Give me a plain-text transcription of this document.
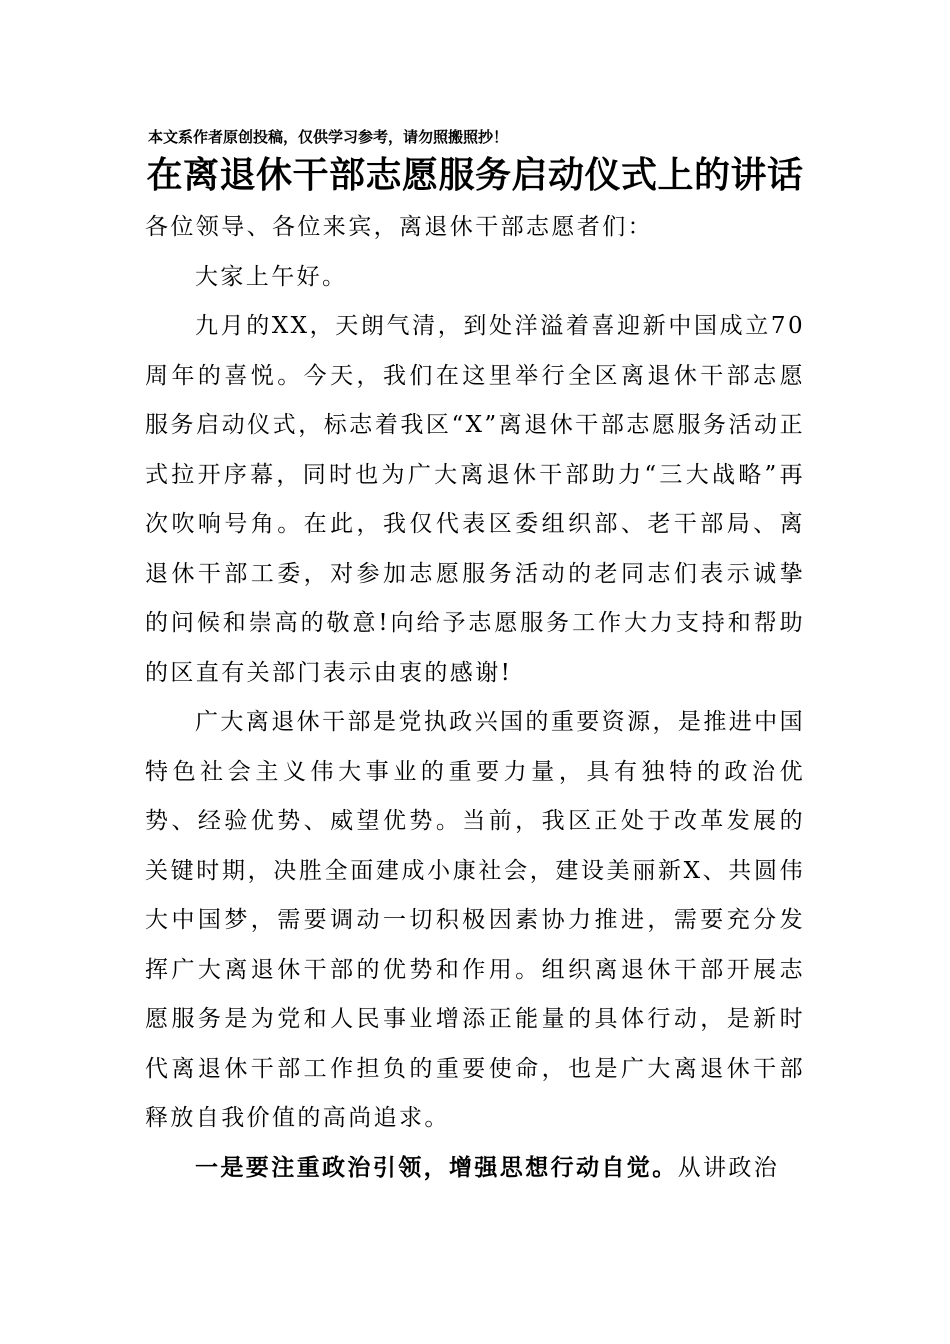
本文系作者原创投稿，仅供学习参考，请勿照搬照抄！
在离退休干部志愿服务启动仪式上的讲话

各位领导、各位来宾，离退休干部志愿者们：

大家上午好。

九月的XX，天朗气清，到处洋溢着喜迎新中国成立70周年的喜悦。今天，我们在这里举行全区离退休干部志愿服务启动仪式，标志着我区“X”离退休干部志愿服务活动正式拉开序幕，同时也为广大离退休干部助力“三大战略”再次吹响号角。在此，我仅代表区委组织部、老干部局、离退休干部工委，对参加志愿服务活动的老同志们表示诚挚的问候和崇高的敬意!向给予志愿服务工作大力支持和帮助的区直有关部门表示由衷的感谢!

广大离退休干部是党执政兴国的重要资源，是推进中国特色社会主义伟大事业的重要力量，具有独特的政治优势、经验优势、威望优势。当前，我区正处于改革发展的关键时期，决胜全面建成小康社会，建设美丽新X、共圆伟大中国梦，需要调动一切积极因素协力推进，需要充分发挥广大离退休干部的优势和作用。组织离退休干部开展志愿服务是为党和人民事业增添正能量的具体行动，是新时代离退休干部工作担负的重要使命，也是广大离退休干部释放自我价值的高尚追求。

一是要注重政治引领，增强思想行动自觉。从讲政治
